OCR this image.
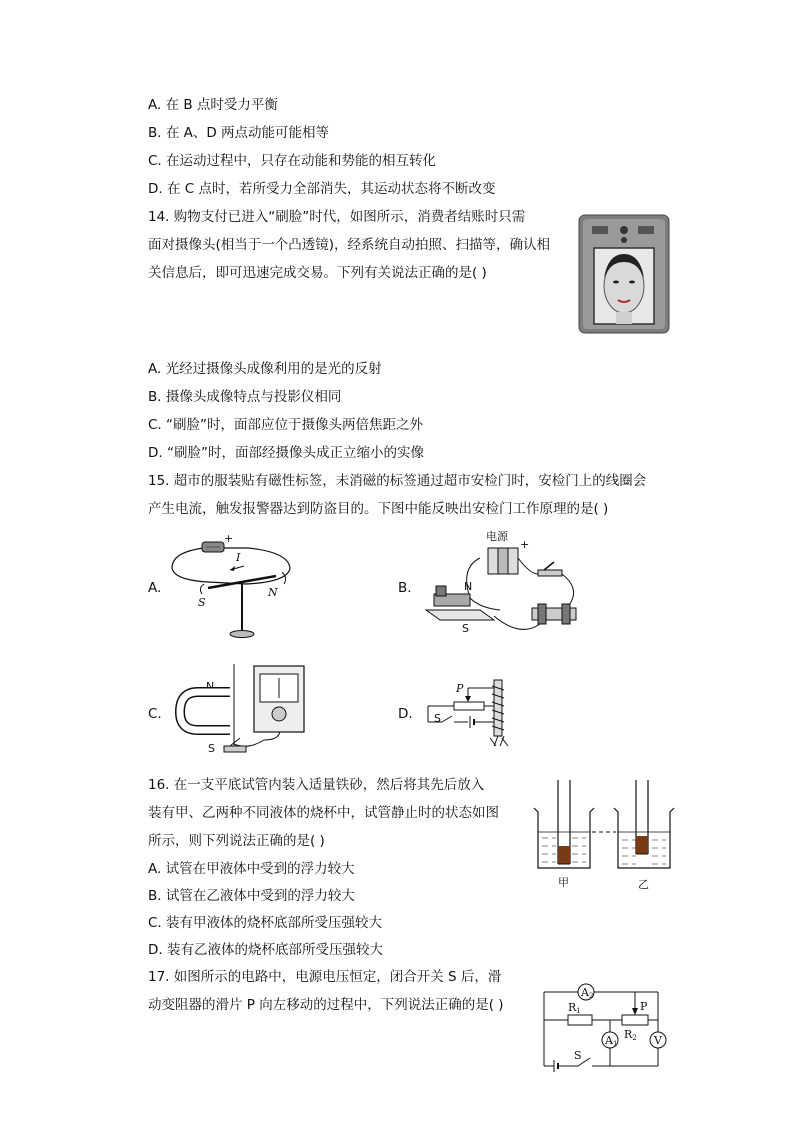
A. 在 B 点时受力平衡
B. 在 A、D 两点动能可能相等
C. 在运动过程中，只存在动能和势能的相互转化
D. 在 C 点时，若所受力全部消失，其运动状态将不断改变
14. 购物支付已进入“刷脸”时代，如图所示，消费者结账时只需
面对摄像头(相当于一个凸透镜)，经系统自动拍照、扫描等，确认相
关信息后，即可迅速完成交易。下列有关说法正确的是( )
A. 光经过摄像头成像利用的是光的反射
B. 摄像头成像特点与投影仪相同
C. “刷脸”时，面部应位于摄像头两倍焦距之外
D. “刷脸”时，面部经摄像头成正立缩小的实像
15. 超市的服装贴有磁性标签，未消磁的标签通过超市安检门时，安检门上的线圈会
产生电流，触发报警器达到防盗目的。下图中能反映出安检门工作原理的是( )
A.
+
I
S
N	B.
电源
+
N
S
C.
N
S
D.
P
S
16. 在一支平底试管内装入适量铁砂，然后将其先后放入
装有甲、乙两种不同液体的烧杯中，试管静止时的状态如图
所示，则下列说法正确的是( )
A. 试管在甲液体中受到的浮力较大
B. 试管在乙液体中受到的浮力较大
C. 装有甲液体的烧杯底部所受压强较大
D. 装有乙液体的烧杯底部所受压强较大
甲	乙
17. 如图所示的电路中，电源电压恒定，闭合开关 S 后，滑
动变阻器的滑片 P 向左移动的过程中，下列说法正确的是( )
A2
R1
R2
P
A1	V
S
